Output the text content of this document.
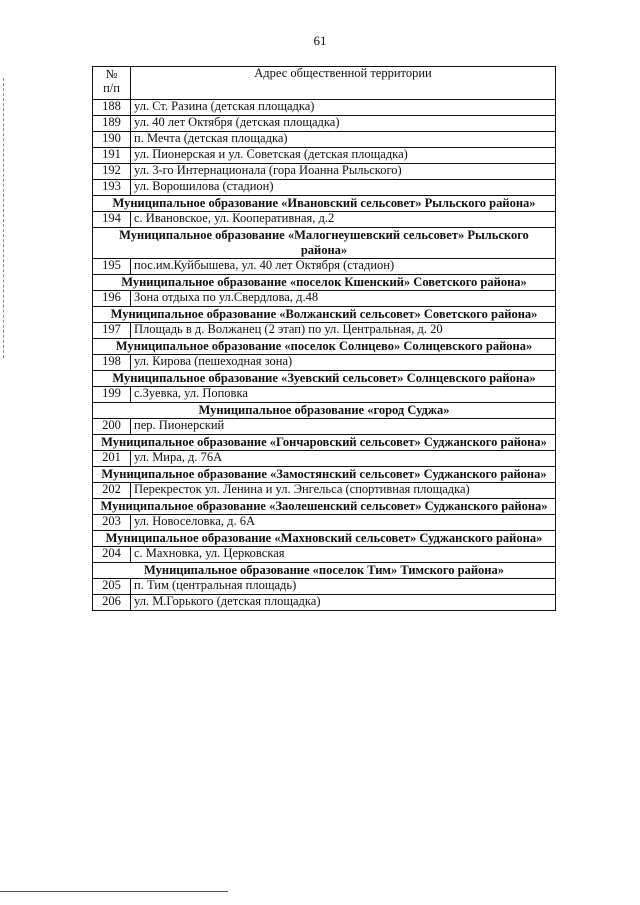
61
№
п/п	Адрес общественной территории
188	ул. Ст. Разина (детская площадка)
189	ул. 40 лет Октября (детская площадка)
190	п. Мечта (детская площадка)
191	ул. Пионерская и ул. Советская (детская площадка)
192	ул. 3-го Интернационала (гора Иоанна Рыльского)
193	ул. Ворошилова (стадион)
Муниципальное образование «Ивановский сельсовет» Рыльского района»	
194	с. Ивановское, ул. Кооперативная, д.2
Муниципальное образование «Малогнеушевский сельсовет» Рыльского района»	
195	пос.им.Куйбышева, ул. 40 лет Октября (стадион)
Муниципальное образование «поселок Кшенский» Советского района»	
196	Зона отдыха по ул.Свердлова, д.48
Муниципальное образование «Волжанский сельсовет» Советского района»	
197	Площадь в д. Волжанец (2 этап) по ул. Центральная, д. 20
Муниципальное образование «поселок Солнцево» Солнцевского района»	
198	ул. Кирова (пешеходная зона)
Муниципальное образование «Зуевский сельсовет» Солнцевского района»	
199	с.Зуевка, ул. Поповка
Муниципальное образование «город Суджа»	
200	пер. Пионерский
Муниципальное образование «Гончаровский сельсовет» Суджанского района»	
201	ул. Мира, д. 76А
Муниципальное образование «Замостянский сельсовет» Суджанского района»	
202	Перекресток ул. Ленина и ул. Энгельса (спортивная площадка)
Муниципальное образование «Заолешенский сельсовет» Суджанского района»	
203	ул. Новоселовка, д. 6А
Муниципальное образование «Махновский сельсовет» Суджанского района»	
204	с. Махновка, ул. Церковская
Муниципальное образование «поселок Тим» Тимского района»	
205	п. Тим (центральная площадь)
206	ул. М.Горького (детская площадка)
